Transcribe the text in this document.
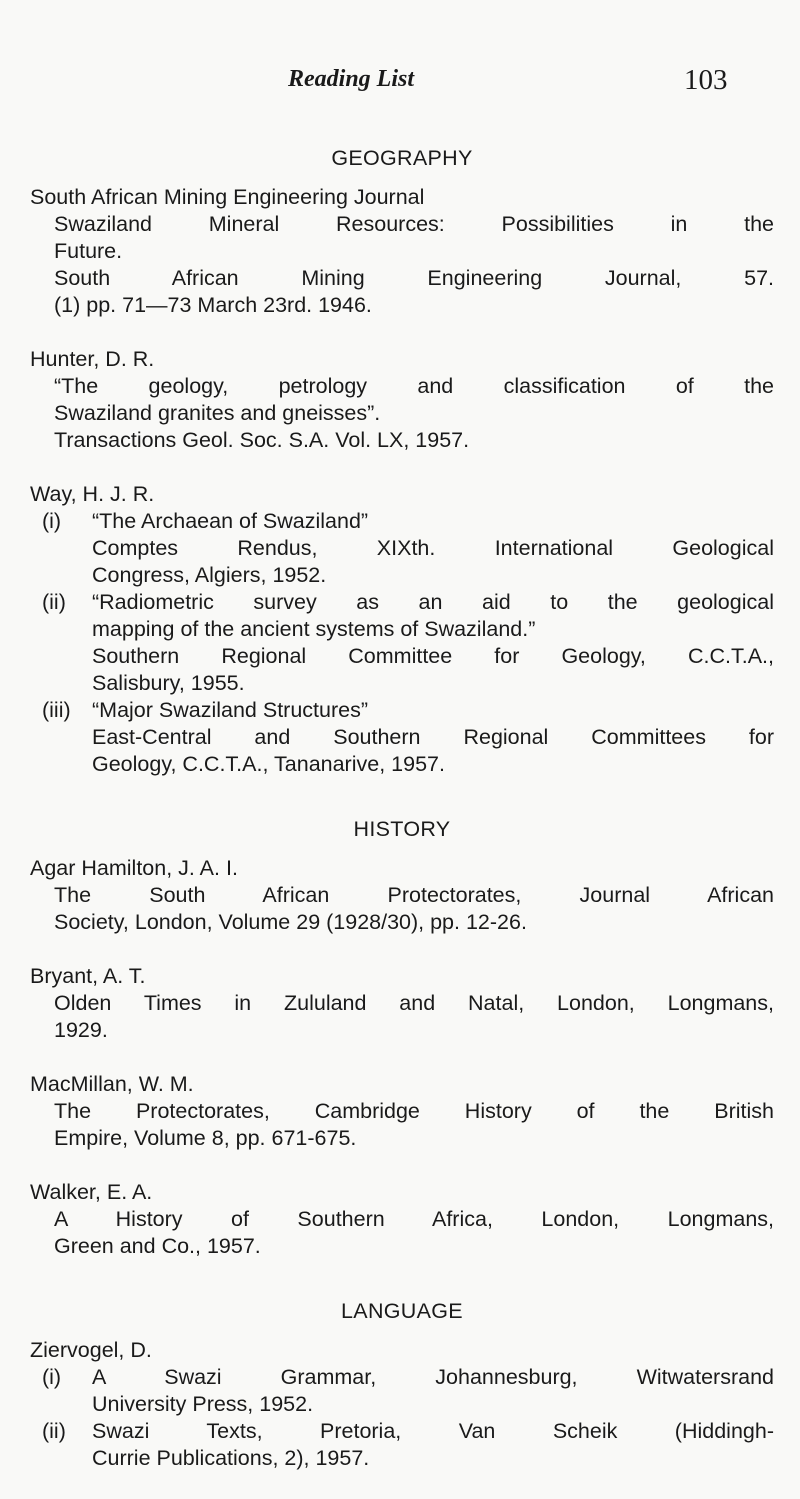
Reading List	103
GEOGRAPHY
South African Mining Engineering Journal
Swaziland Mineral Resources: Possibilities in the
Future.
South African Mining Engineering Journal, 57.
(1) pp. 71—73 March 23rd. 1946.
Hunter, D. R.
“The geology, petrology and classification of the
Swaziland granites and gneisses”.
Transactions Geol. Soc. S.A. Vol. LX, 1957.
Way, H. J. R.
(i)	“The Archaean of Swaziland”
Comptes Rendus, XIXth. International Geological
Congress, Algiers, 1952.
(ii)	“Radiometric survey as an aid to the geological
mapping of the ancient systems of Swaziland.”
Southern Regional Committee for Geology, C.C.T.A.,
Salisbury, 1955.
(iii) “Major Swaziland Structures”
East-Central and Southern Regional Committees for
Geology, C.C.T.A., Tananarive, 1957.
HISTORY
Agar Hamilton, J. A. I.
The South African Protectorates, Journal African
Society, London, Volume 29 (1928/30), pp. 12-26.
Bryant, A. T.
Olden Times in Zululand and Natal, London, Longmans,
1929.
MacMillan, W. M.
The Protectorates, Cambridge History of the British
Empire, Volume 8, pp. 671-675.
Walker, E. A.
A History of Southern Africa, London, Longmans,
Green and Co., 1957.
LANGUAGE
Ziervogel, D.
(i)	A Swazi Grammar, Johannesburg, Witwatersrand
University Press, 1952.
(ii)	Swazi Texts, Pretoria, Van Scheik (Hiddingh-
Currie Publications, 2), 1957.
